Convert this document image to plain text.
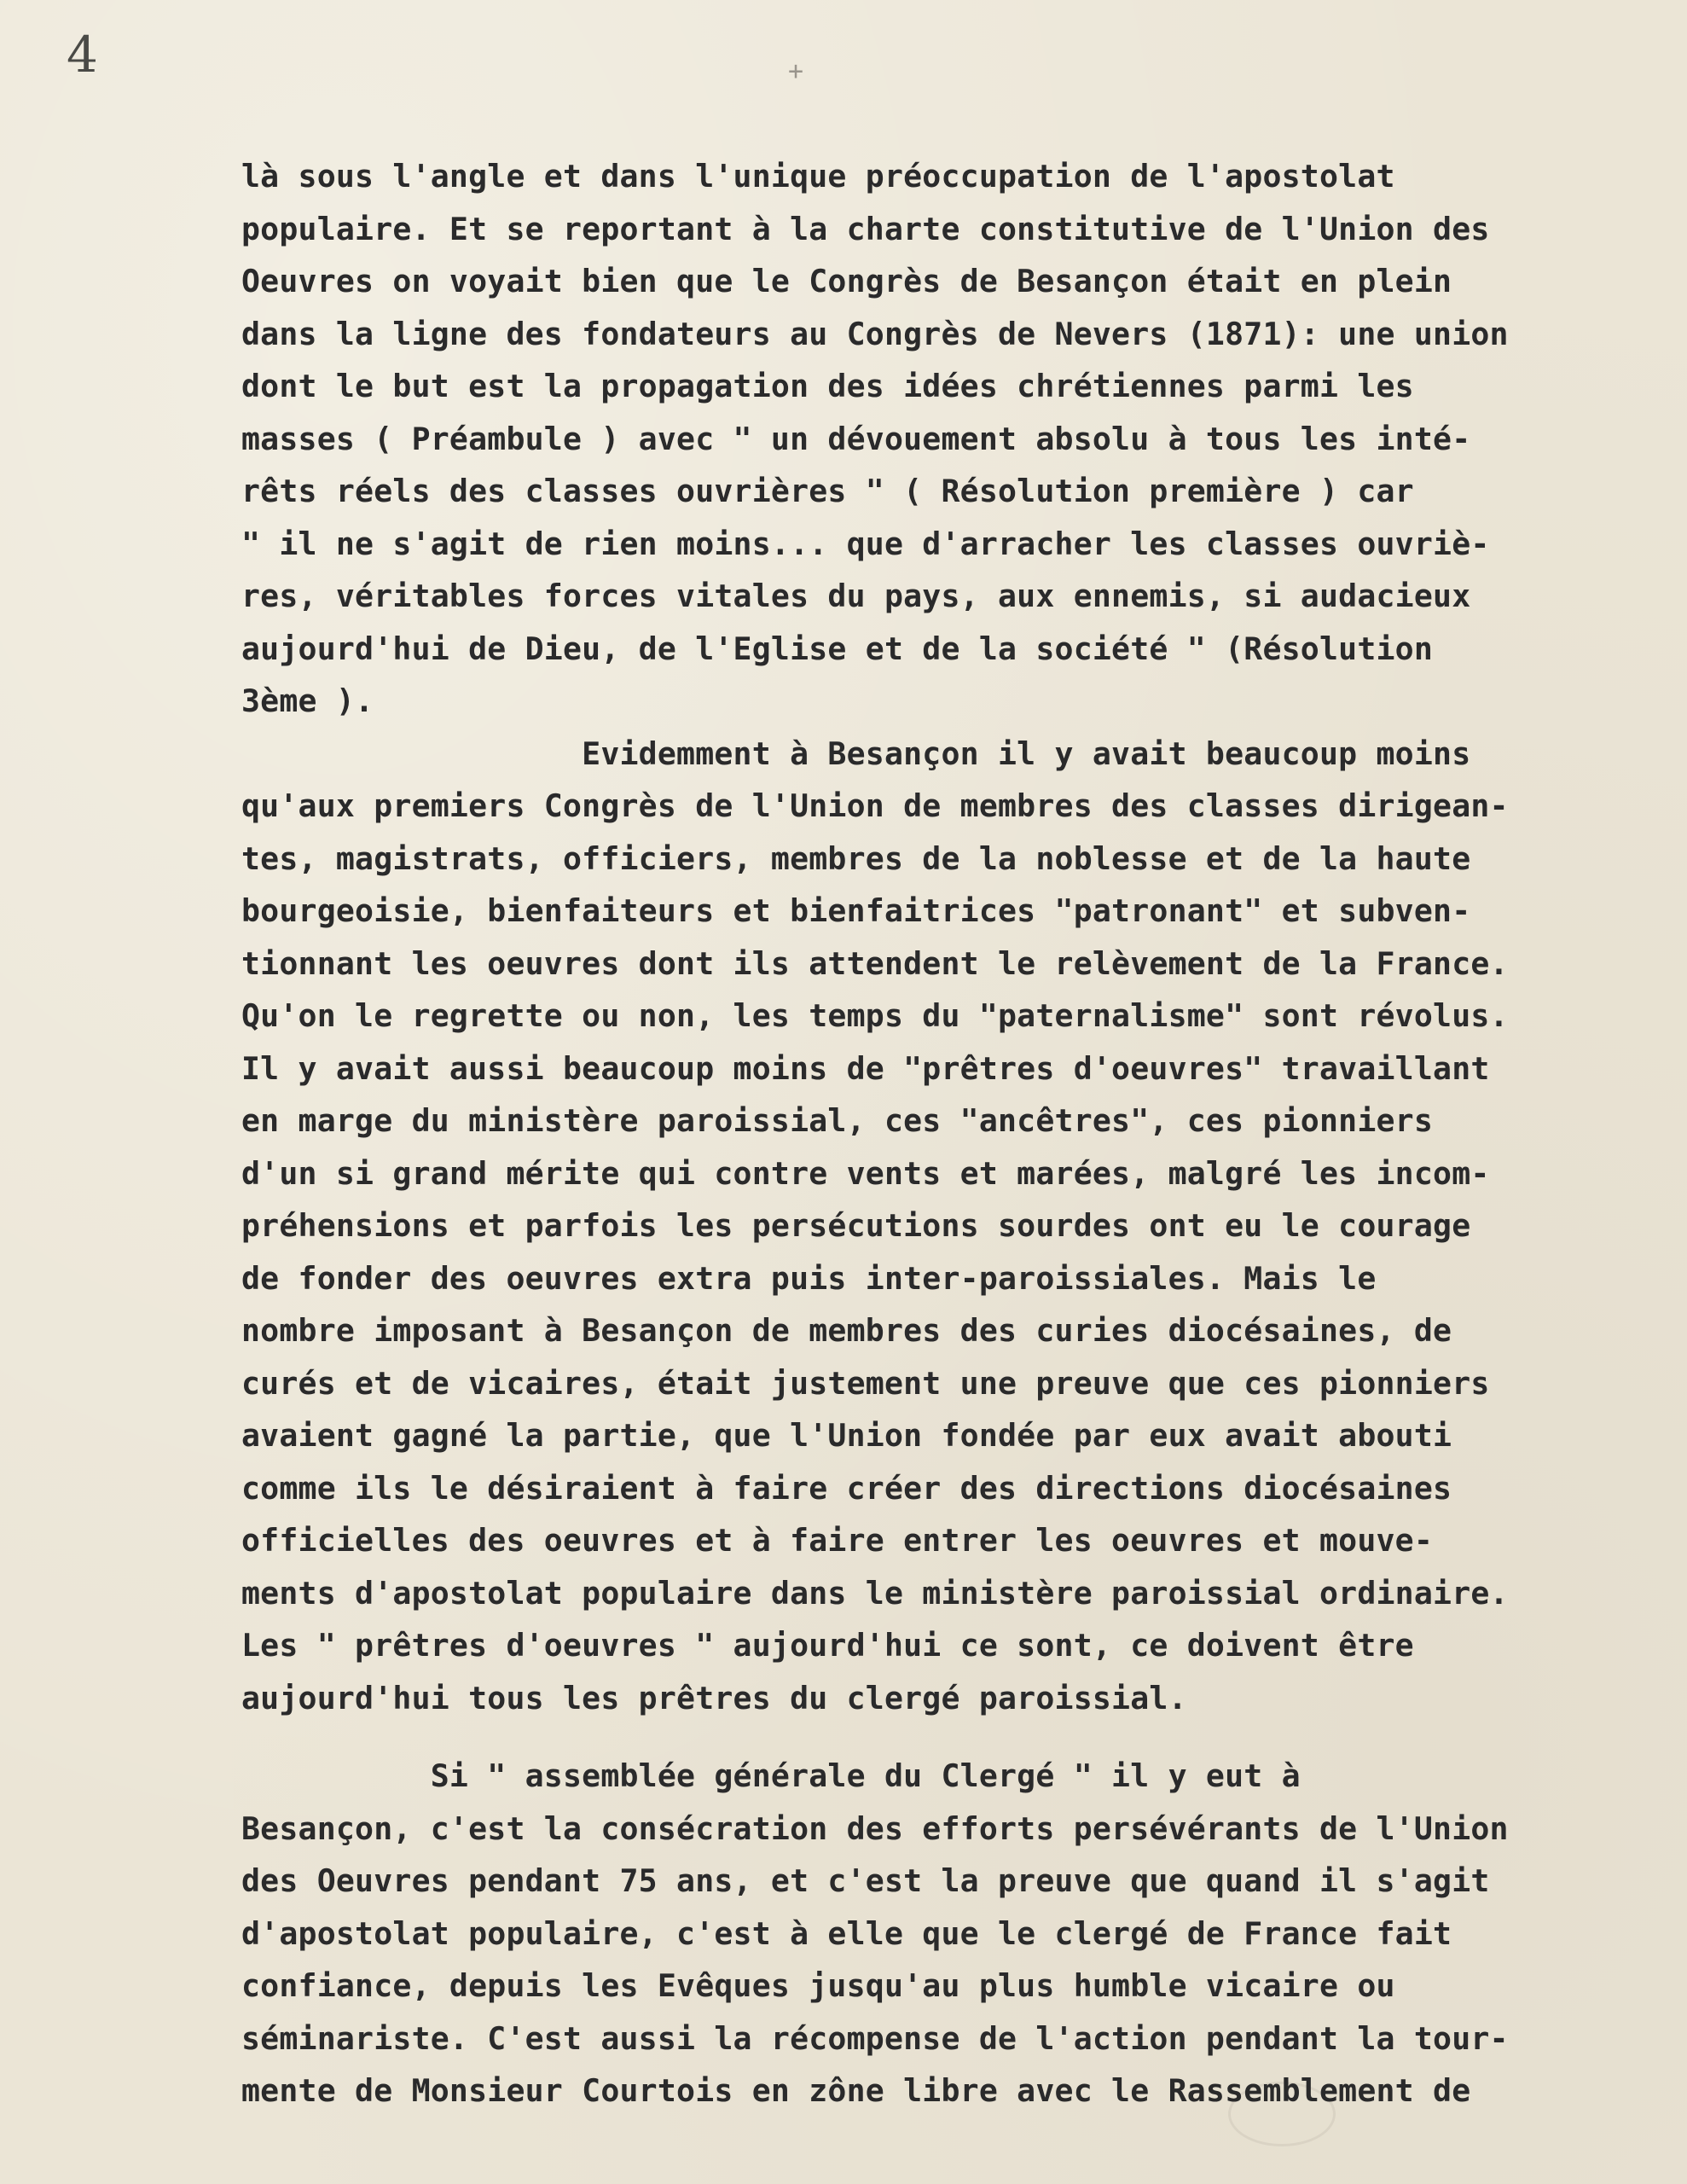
4	+
là sous l'angle et dans l'unique préoccupation de l'apostolat
populaire. Et se reportant à la charte constitutive de l'Union des
Oeuvres on voyait bien que le Congrès de Besançon était en plein
dans la ligne des fondateurs au Congrès de Nevers (1871): une union
dont le but est la propagation des idées chrétiennes parmi les
masses ( Préambule ) avec " un dévouement absolu à tous les inté-
rêts réels des classes ouvrières " ( Résolution première ) car
" il ne s'agit de rien moins... que d'arracher les classes ouvriè-
res, véritables forces vitales du pays, aux ennemis, si audacieux
aujourd'hui de Dieu, de l'Eglise et de la société " (Résolution
3ème ).
Evidemment à Besançon il y avait beaucoup moins
qu'aux premiers Congrès de l'Union de membres des classes dirigean-
tes, magistrats, officiers, membres de la noblesse et de la haute
bourgeoisie, bienfaiteurs et bienfaitrices "patronant" et subven-
tionnant les oeuvres dont ils attendent le relèvement de la France.
Qu'on le regrette ou non, les temps du "paternalisme" sont révolus.
Il y avait aussi beaucoup moins de "prêtres d'oeuvres" travaillant
en marge du ministère paroissial, ces "ancêtres", ces pionniers
d'un si grand mérite qui contre vents et marées, malgré les incom-
préhensions et parfois les persécutions sourdes ont eu le courage
de fonder des oeuvres extra puis inter-paroissiales. Mais le
nombre imposant à Besançon de membres des curies diocésaines, de
curés et de vicaires, était justement une preuve que ces pionniers
avaient gagné la partie, que l'Union fondée par eux avait abouti
comme ils le désiraient à faire créer des directions diocésaines
officielles des oeuvres et à faire entrer les oeuvres et mouve-
ments d'apostolat populaire dans le ministère paroissial ordinaire.
Les " prêtres d'oeuvres " aujourd'hui ce sont, ce doivent être
aujourd'hui tous les prêtres du clergé paroissial.
Si " assemblée générale du Clergé " il y eut à
Besançon, c'est la consécration des efforts persévérants de l'Union
des Oeuvres pendant 75 ans, et c'est la preuve que quand il s'agit
d'apostolat populaire, c'est à elle que le clergé de France fait
confiance, depuis les Evêques jusqu'au plus humble vicaire ou
séminariste. C'est aussi la récompense de l'action pendant la tour-
mente de Monsieur Courtois en zône libre avec le Rassemblement de
